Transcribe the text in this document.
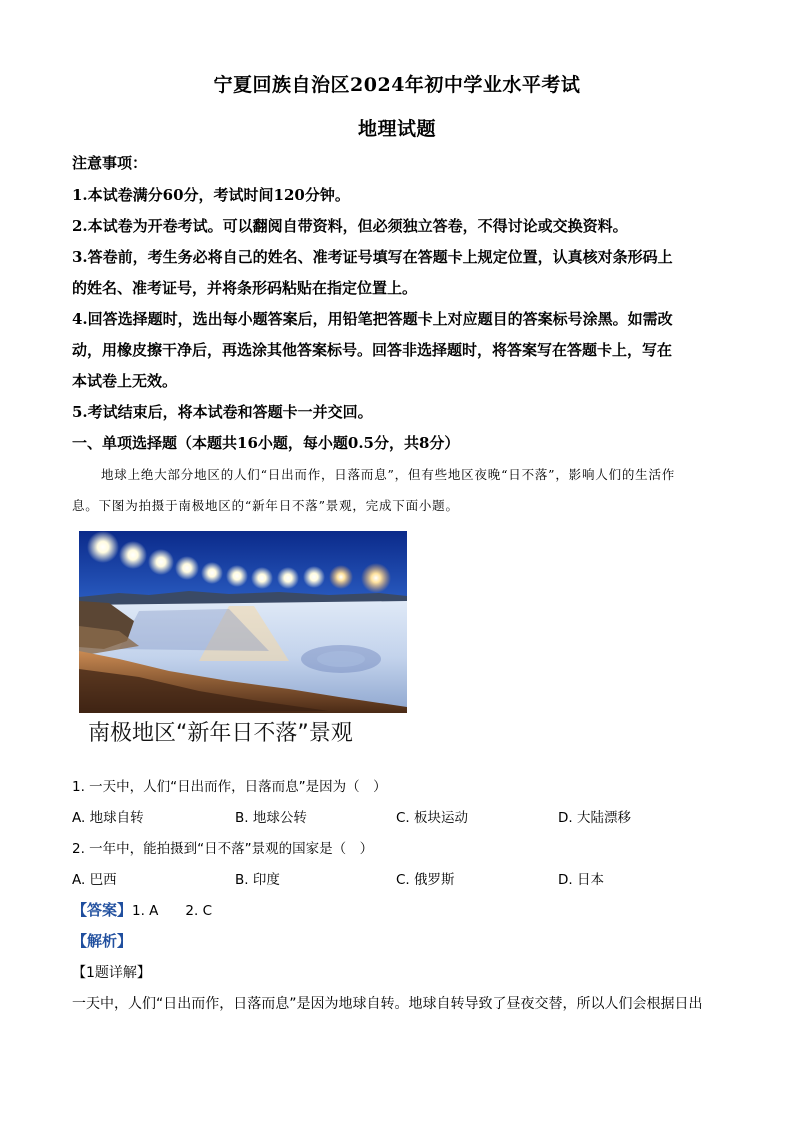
宁夏回族自治区2024年初中学业水平考试
地理试题
注意事项：
1.本试卷满分60分，考试时间120分钟。
2.本试卷为开卷考试。可以翻阅自带资料，但必须独立答卷，不得讨论或交换资料。
3.答卷前，考生务必将自己的姓名、准考证号填写在答题卡上规定位置，认真核对条形码上
的姓名、准考证号，并将条形码粘贴在指定位置上。
4.回答选择题时，选出每小题答案后，用铅笔把答题卡上对应题目的答案标号涂黑。如需改
动，用橡皮擦干净后，再选涂其他答案标号。回答非选择题时，将答案写在答题卡上，写在
本试卷上无效。
5.考试结束后，将本试卷和答题卡一并交回。
一、单项选择题（本题共16小题，每小题0.5分，共8分）
地球上绝大部分地区的人们“日出而作，日落而息”，但有些地区夜晚“日不落”，影响人们的生活作
息。下图为拍摄于南极地区的“新年日不落”景观，完成下面小题。
南极地区“新年日不落”景观
1. 一天中，人们“日出而作，日落而息”是因为（　）
A. 地球自转	B. 地球公转	C. 板块运动	D. 大陆漂移
2. 一年中，能拍摄到“日不落”景观的国家是（　）
A. 巴西	B. 印度	C. 俄罗斯	D. 日本
【答案】1. A　　2. C
【解析】
【1题详解】
一天中，人们“日出而作，日落而息”是因为地球自转。地球自转导致了昼夜交替，所以人们会根据日出
